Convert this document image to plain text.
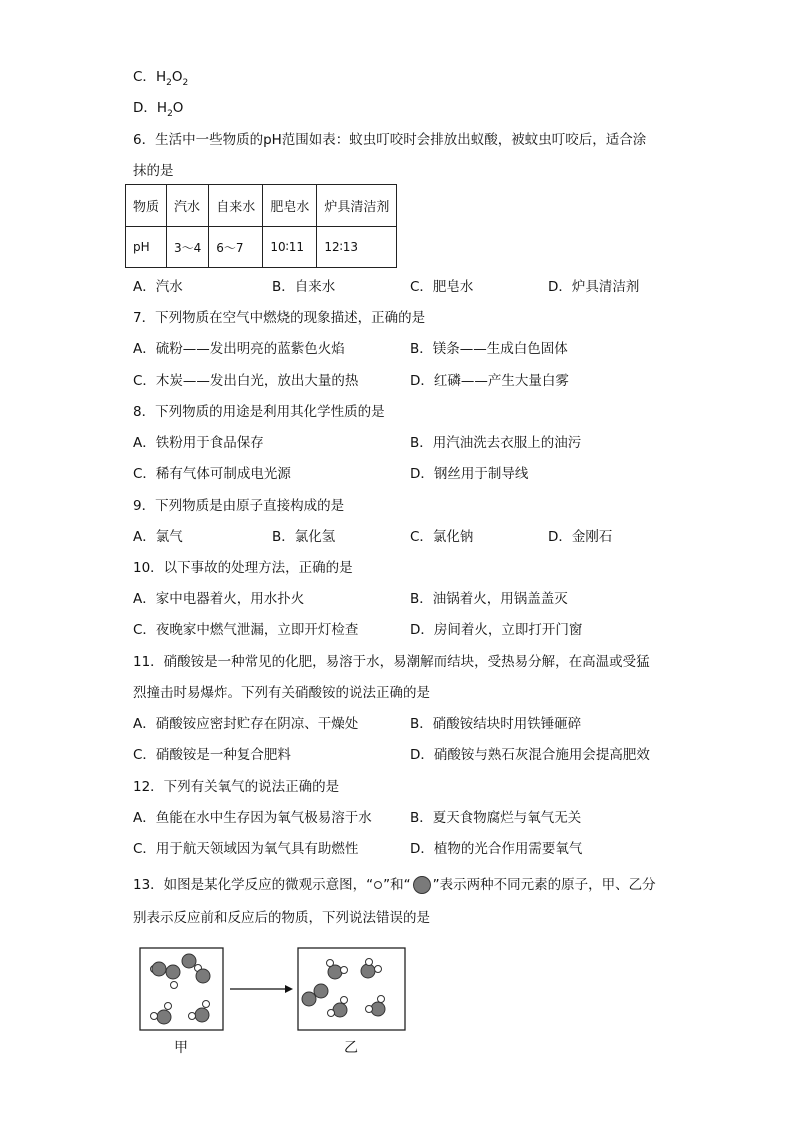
C．$H_2O_2$
D．$H_2O$
6．生活中一些物质的pH范围如表：蚊虫叮咬时会排放出蚁酸，被蚊虫叮咬后，适合涂
抹的是
物质	汽水	自来水	肥皂水	炉具清洁剂
pH	3～4	6～7	10∶11	12∶13
A．汽水	B．自来水	C．肥皂水	D．炉具清洁剂
7．下列物质在空气中燃烧的现象描述，正确的是
A．硫粉——发出明亮的蓝紫色火焰	B．镁条——生成白色固体
C．木炭——发出白光，放出大量的热	D．红磷——产生大量白雾
8．下列物质的用途是利用其化学性质的是
A．铁粉用于食品保存	B．用汽油洗去衣服上的油污
C．稀有气体可制成电光源	D．钢丝用于制导线
9．下列物质是由原子直接构成的是
A．氯气	B．氯化氢	C．氯化钠	D．金刚石
10．以下事故的处理方法，正确的是
A．家中电器着火，用水扑火	B．油锅着火，用锅盖盖灭
C．夜晚家中燃气泄漏，立即开灯检查	D．房间着火，立即打开门窗
11．硝酸铵是一种常见的化肥，易溶于水，易潮解而结块，受热易分解，在高温或受猛
烈撞击时易爆炸。下列有关硝酸铵的说法正确的是
A．硝酸铵应密封贮存在阴凉、干燥处	B．硝酸铵结块时用铁锤砸碎
C．硝酸铵是一种复合肥料	D．硝酸铵与熟石灰混合施用会提高肥效
12．下列有关氧气的说法正确的是
A．鱼能在水中生存因为氧气极易溶于水	B．夏天食物腐烂与氧气无关
C．用于航天领域因为氧气具有助燃性	D．植物的光合作用需要氧气
13．如图是某化学反应的微观示意图，“ ”和“ ”表示两种不同元素的原子，甲、乙分
别表示反应前和反应后的物质，下列说法错误的是
甲	乙
